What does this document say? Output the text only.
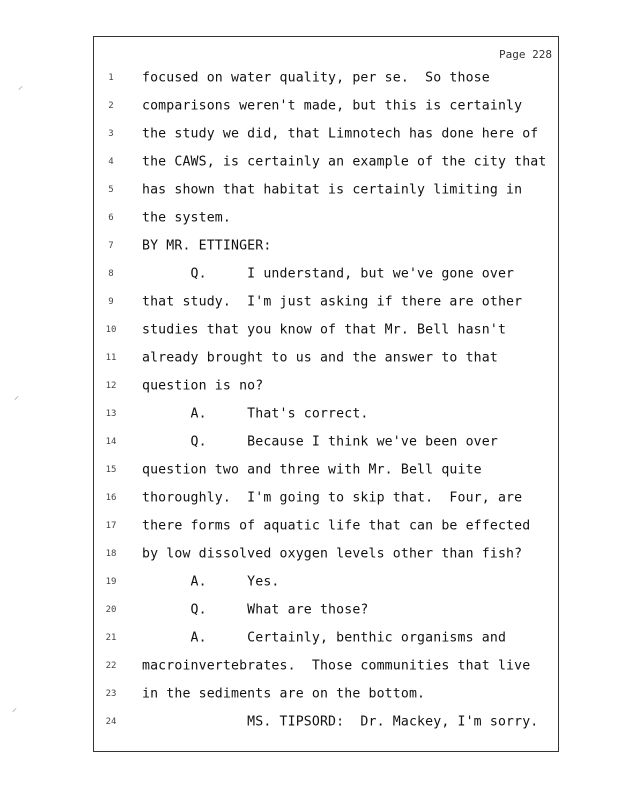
Page 228
1	focused on water quality, per se.  So those
2	comparisons weren't made, but this is certainly
3	the study we did, that Limnotech has done here of
4	the CAWS, is certainly an example of the city that
5	has shown that habitat is certainly limiting in
6	the system.
7	BY MR. ETTINGER:
8	Q.     I understand, but we've gone over
9	that study.  I'm just asking if there are other
10	studies that you know of that Mr. Bell hasn't
11	already brought to us and the answer to that
12	question is no?
13	A.     That's correct.
14	Q.     Because I think we've been over
15	question two and three with Mr. Bell quite
16	thoroughly.  I'm going to skip that.  Four, are
17	there forms of aquatic life that can be effected
18	by low dissolved oxygen levels other than fish?
19	A.     Yes.
20	Q.     What are those?
21	A.     Certainly, benthic organisms and
22	macroinvertebrates.  Those communities that live
23	in the sediments are on the bottom.
24	MS. TIPSORD:  Dr. Mackey, I'm sorry.
⸝
⸝
⸝
